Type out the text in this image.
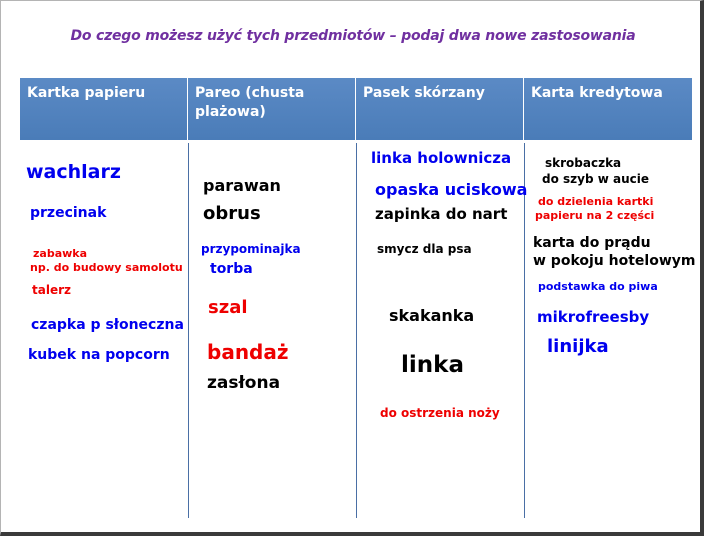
Do czego możesz użyć tych przedmiotów – podaj dwa nowe zastosowania
Kartka papieru	Pareo (chusta plażowa)
Pasek skórzany	Karta kredytowa
wachlarz
przecinak
zabawka
np. do budowy samolotu
talerz
czapka p słoneczna
kubek na popcorn
parawan
obrus
przypominajka
torba
szal
bandaż
zasłona
linka holownicza
opaska uciskowa
zapinka do nart
smycz dla psa
skakanka
linka
do ostrzenia noży
skrobaczka
do szyb w aucie
do dzielenia kartki
papieru na 2 części
karta do prądu
w pokoju hotelowym
podstawka do piwa
mikrofreesby
linijka
